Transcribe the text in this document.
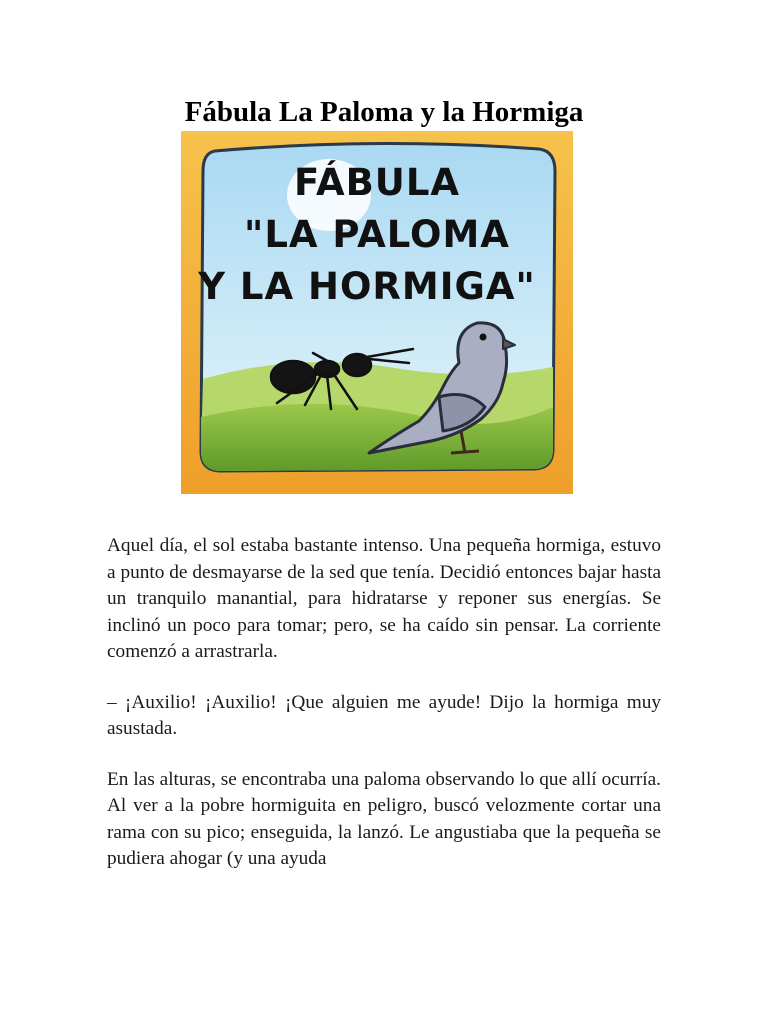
Fábula La Paloma y la Hormiga
FÁBULA
"LA PALOMA
Y LA HORMIGA"

Aquel día, el sol estaba bastante intenso. Una pequeña hormiga, estuvo a punto de desmayarse de la sed que tenía. Decidió entonces bajar hasta un tranquilo manantial, para hidratarse y reponer sus energías. Se inclinó un poco para tomar; pero, se ha caído sin pensar. La corriente comenzó a arrastrarla.

– ¡Auxilio! ¡Auxilio! ¡Que alguien me ayude! Dijo la hormiga muy asustada.

En las alturas, se encontraba una paloma observando lo que allí ocurría. Al ver a la pobre hormiguita en peligro, buscó velozmente cortar una rama con su pico; enseguida, la lanzó. Le angustiaba que la pequeña se pudiera ahogar (y una ayuda
